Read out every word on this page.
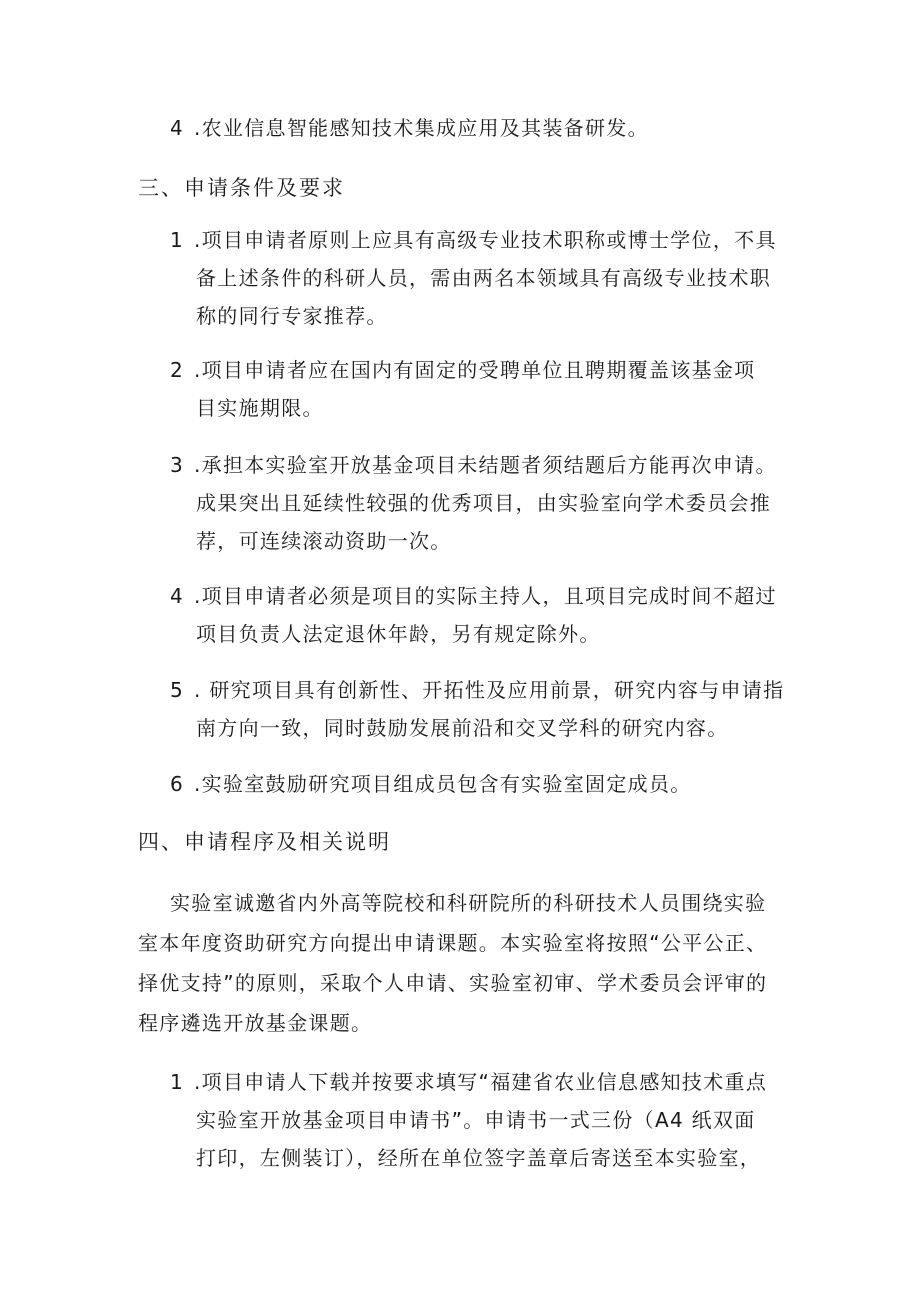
4 .农业信息智能感知技术集成应用及其装备研发。
三、申请条件及要求
1 .项目申请者原则上应具有高级专业技术职称或博士学位，不具
备上述条件的科研人员，需由两名本领域具有高级专业技术职
称的同行专家推荐。
2 .项目申请者应在国内有固定的受聘单位且聘期覆盖该基金项
目实施期限。
3 .承担本实验室开放基金项目未结题者须结题后方能再次申请。
成果突出且延续性较强的优秀项目，由实验室向学术委员会推
荐，可连续滚动资助一次。
4 .项目申请者必须是项目的实际主持人，且项目完成时间不超过
项目负责人法定退休年龄，另有规定除外。
5 . 研究项目具有创新性、开拓性及应用前景，研究内容与申请指
南方向一致，同时鼓励发展前沿和交叉学科的研究内容。
6 .实验室鼓励研究项目组成员包含有实验室固定成员。
四、申请程序及相关说明
实验室诚邀省内外高等院校和科研院所的科研技术人员围绕实验
室本年度资助研究方向提出申请课题。本实验室将按照“公平公正、
择优支持”的原则，采取个人申请、实验室初审、学术委员会评审的
程序遴选开放基金课题。
1 .项目申请人下载并按要求填写“福建省农业信息感知技术重点
实验室开放基金项目申请书”。申请书一式三份（A4 纸双面
打印，左侧装订），经所在单位签字盖章后寄送至本实验室，
